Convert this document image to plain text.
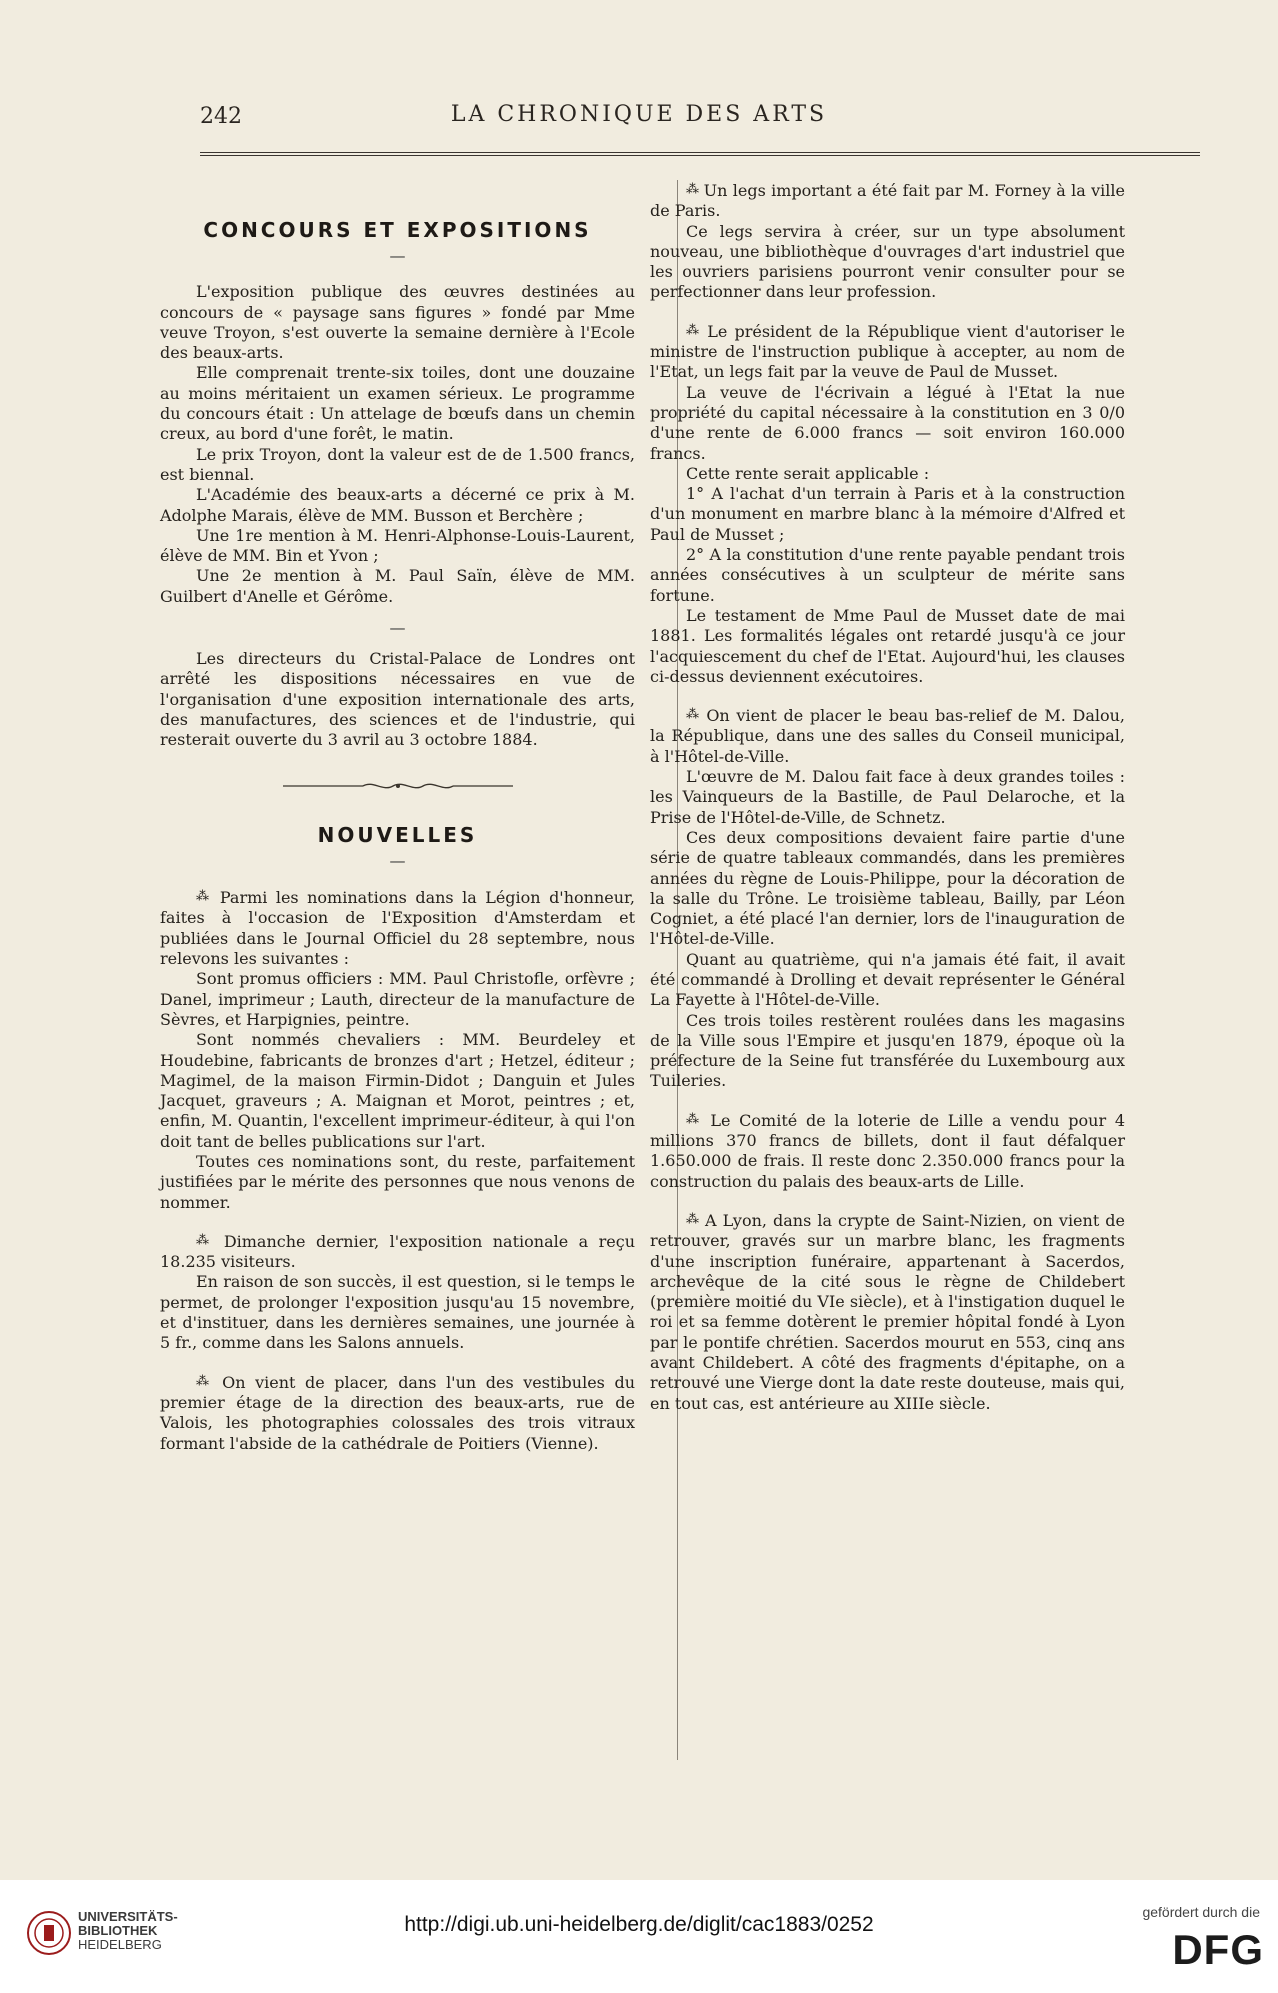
242	LA CHRONIQUE DES ARTS
CONCOURS ET EXPOSITIONS
—

L'exposition publique des œuvres destinées au concours de « paysage sans figures » fondé par Mme veuve Troyon, s'est ouverte la semaine dernière à l'Ecole des beaux-arts.

Elle comprenait trente-six toiles, dont une douzaine au moins méritaient un examen sérieux. Le programme du concours était : Un attelage de bœufs dans un chemin creux, au bord d'une forêt, le matin.

Le prix Troyon, dont la valeur est de de 1.500 francs, est biennal.

L'Académie des beaux-arts a décerné ce prix à M. Adolphe Marais, élève de MM. Busson et Berchère ;

Une 1re mention à M. Henri-Alphonse-Louis-Laurent, élève de MM. Bin et Yvon ;

Une 2e mention à M. Paul Saïn, élève de MM. Guilbert d'Anelle et Gérôme.

—

Les directeurs du Cristal-Palace de Londres ont arrêté les dispositions nécessaires en vue de l'organisation d'une exposition internationale des arts, des manufactures, des sciences et de l'industrie, qui resterait ouverte du 3 avril au 3 octobre 1884.

NOUVELLES
—

⁂ Parmi les nominations dans la Légion d'honneur, faites à l'occasion de l'Exposition d'Amsterdam et publiées dans le Journal Officiel du 28 septembre, nous relevons les suivantes :

Sont promus officiers : MM. Paul Christofle, orfèvre ; Danel, imprimeur ; Lauth, directeur de la manufacture de Sèvres, et Harpignies, peintre.

Sont nommés chevaliers : MM. Beurdeley et Houdebine, fabricants de bronzes d'art ; Hetzel, éditeur ; Magimel, de la maison Firmin-Didot ; Danguin et Jules Jacquet, graveurs ; A. Maignan et Morot, peintres ; et, enfin, M. Quantin, l'excellent imprimeur-éditeur, à qui l'on doit tant de belles publications sur l'art.

Toutes ces nominations sont, du reste, parfaitement justifiées par le mérite des personnes que nous venons de nommer.

⁂ Dimanche dernier, l'exposition nationale a reçu 18.235 visiteurs.

En raison de son succès, il est question, si le temps le permet, de prolonger l'exposition jusqu'au 15 novembre, et d'instituer, dans les dernières semaines, une journée à 5 fr., comme dans les Salons annuels.

⁂ On vient de placer, dans l'un des vestibules du premier étage de la direction des beaux-arts, rue de Valois, les photographies colossales des trois vitraux formant l'abside de la cathédrale de Poitiers (Vienne).

⁂ Un legs important a été fait par M. Forney à la ville de Paris.

Ce legs servira à créer, sur un type absolument nouveau, une bibliothèque d'ouvrages d'art industriel que les ouvriers parisiens pourront venir consulter pour se perfectionner dans leur profession.

⁂ Le président de la République vient d'autoriser le ministre de l'instruction publique à accepter, au nom de l'Etat, un legs fait par la veuve de Paul de Musset.

La veuve de l'écrivain a légué à l'Etat la nue propriété du capital nécessaire à la constitution en 3 0/0 d'une rente de 6.000 francs — soit environ 160.000 francs.

Cette rente serait applicable :

1° A l'achat d'un terrain à Paris et à la construction d'un monument en marbre blanc à la mémoire d'Alfred et Paul de Musset ;

2° A la constitution d'une rente payable pendant trois années consécutives à un sculpteur de mérite sans fortune.

Le testament de Mme Paul de Musset date de mai 1881. Les formalités légales ont retardé jusqu'à ce jour l'acquiescement du chef de l'Etat. Aujourd'hui, les clauses ci-dessus deviennent exécutoires.

⁂ On vient de placer le beau bas-relief de M. Dalou, la République, dans une des salles du Conseil municipal, à l'Hôtel-de-Ville.

L'œuvre de M. Dalou fait face à deux grandes toiles : les Vainqueurs de la Bastille, de Paul Delaroche, et la Prise de l'Hôtel-de-Ville, de Schnetz.

Ces deux compositions devaient faire partie d'une série de quatre tableaux commandés, dans les premières années du règne de Louis-Philippe, pour la décoration de la salle du Trône. Le troisième tableau, Bailly, par Léon Cogniet, a été placé l'an dernier, lors de l'inauguration de l'Hôtel-de-Ville.

Quant au quatrième, qui n'a jamais été fait, il avait été commandé à Drolling et devait représenter le Général La Fayette à l'Hôtel-de-Ville.

Ces trois toiles restèrent roulées dans les magasins de la Ville sous l'Empire et jusqu'en 1879, époque où la préfecture de la Seine fut transférée du Luxembourg aux Tuileries.

⁂ Le Comité de la loterie de Lille a vendu pour 4 millions 370 francs de billets, dont il faut défalquer 1.650.000 de frais. Il reste donc 2.350.000 francs pour la construction du palais des beaux-arts de Lille.

⁂ A Lyon, dans la crypte de Saint-Nizien, on vient de retrouver, gravés sur un marbre blanc, les fragments d'une inscription funéraire, appartenant à Sacerdos, archevêque de la cité sous le règne de Childebert (première moitié du VIe siècle), et à l'instigation duquel le roi et sa femme dotèrent le premier hôpital fondé à Lyon par le pontife chrétien. Sacerdos mourut en 553, cinq ans avant Childebert. A côté des fragments d'épitaphe, on a retrouvé une Vierge dont la date reste douteuse, mais qui, en tout cas, est antérieure au XIIIe siècle.

UNIVERSITÄTS-
BIBLIOTHEK
HEIDELBERG
http://digi.ub.uni-heidelberg.de/diglit/cac1883/0252
gefördert durch die
DFG
